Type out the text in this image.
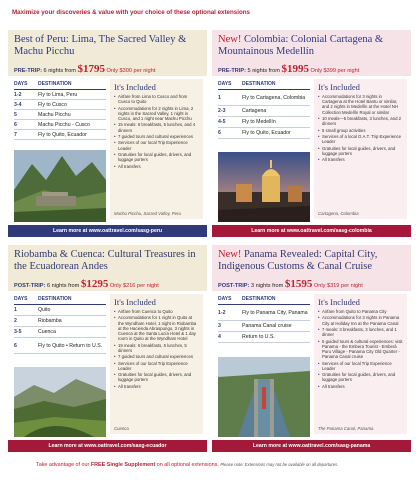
Maximize your discoveries & value with your choice of these optional extensions
Best of Peru: Lima, The Sacred Valley & Machu Picchu
PRE-TRIP: 6 nights from $1795 Only $300 per night
DAYS	DESTINATION
1-2	Fly to Lima, Peru
3-4	Fly to Cusco
5	Machu Picchu
6	Machu Picchu - Cusco
7	Fly to Quito, Ecuador
It's Included
• Airfare from Lima to Cusco and from Cusco to Quito
• Accommodations for 2 nights in Lima, 2 nights in the Sacred Valley, 1 night in Cusco, and 1 night near Machu Picchu
• 15 meals: 6 breakfasts, 5 lunches, and 4 dinners
• 7 guided tours and cultural experiences
• Services of our local Trip Experience Leader
• Gratuities for local guides, drivers, and luggage porters
• All transfers
Machu Picchu, Sacred Valley, Peru
Learn more at www.oattravel.com/sasg-peru
New! Colombia: Colonial Cartagena & Mountainous Medellín
PRE-TRIP: 5 nights from $1995 Only $399 per night
DAYS	DESTINATION
1	Fly to Cartagena, Colombia
2-3	Cartagena
4-5	Fly to Medellín
6	Fly to Quito, Ecuador
It's Included
• Accommodations for 3 nights in Cartagena at the Hotel Bantu or similar, and 2 nights in Medellín at the Hotel NH Collection Medellín Royal or similar
• 10 meals—5 breakfasts, 3 lunches, and 2 dinners
• 5 small group activities
• Services of a local O.A.T. Trip Experience Leader
• Gratuities for local guides, drivers, and luggage porters
• All transfers
Cartagena, Colombia
Learn more at www.oattravel.com/sasg-colombia
Riobamba & Cuenca: Cultural Treasures in the Ecuadorean Andes
POST-TRIP: 6 nights from $1295 Only $216 per night
DAYS	DESTINATION
1	Quito
2	Riobamba
3-5	Cuenca
6	Fly to Quito • Return to U.S.
It's Included
• Airfare from Cuenca to Quito
• Accommodations for 1 night in Quito at the Wyndham Hotel, 1 night in Riobamba at the Hacienda Abraspungo, 3 nights in Cuenca at the Santa Lucía Hotel & 1 day room in Quito at the Wyndham Hotel
• 19 meals: 6 breakfasts, 5 lunches, 5 dinners
• 7 guided tours and cultural experiences
• Services of our local Trip Experience Leader
• Gratuities for local guides, drivers, and luggage porters
• All transfers
Cuenca
Learn more at www.oattravel.com/sasg-ecuador
New! Panama Revealed: Capital City, Indigenous Customs & Canal Cruise
POST-TRIP: 3 nights from $1595 Only $319 per night
DAYS	DESTINATION
1-2	Fly to Panama City, Panama
3	Panama Canal cruise
4	Return to U.S.
It's Included
• Airfare from Quito to Panama City
• Accommodations for 3 nights in Panama City at Holiday Inn at the Panama Canal
• 7 meals: 3 breakfasts, 3 lunches, and 1 dinner
• 5 guided tours & cultural experiences: visit Panama - the Embera Tourist - Emberá Puru Village - Panama City Old Quarter - Panama Canal cruise
• Services of our local Trip Experience Leader
• Gratuities for local guides, drivers, and luggage porters
• All transfers
The Panama Canal, Panama
Learn more at www.oattravel.com/sasg-panama
Take advantage of our FREE Single Supplement on all optional extensions. Please note: Extensions may not be available on all departures.
